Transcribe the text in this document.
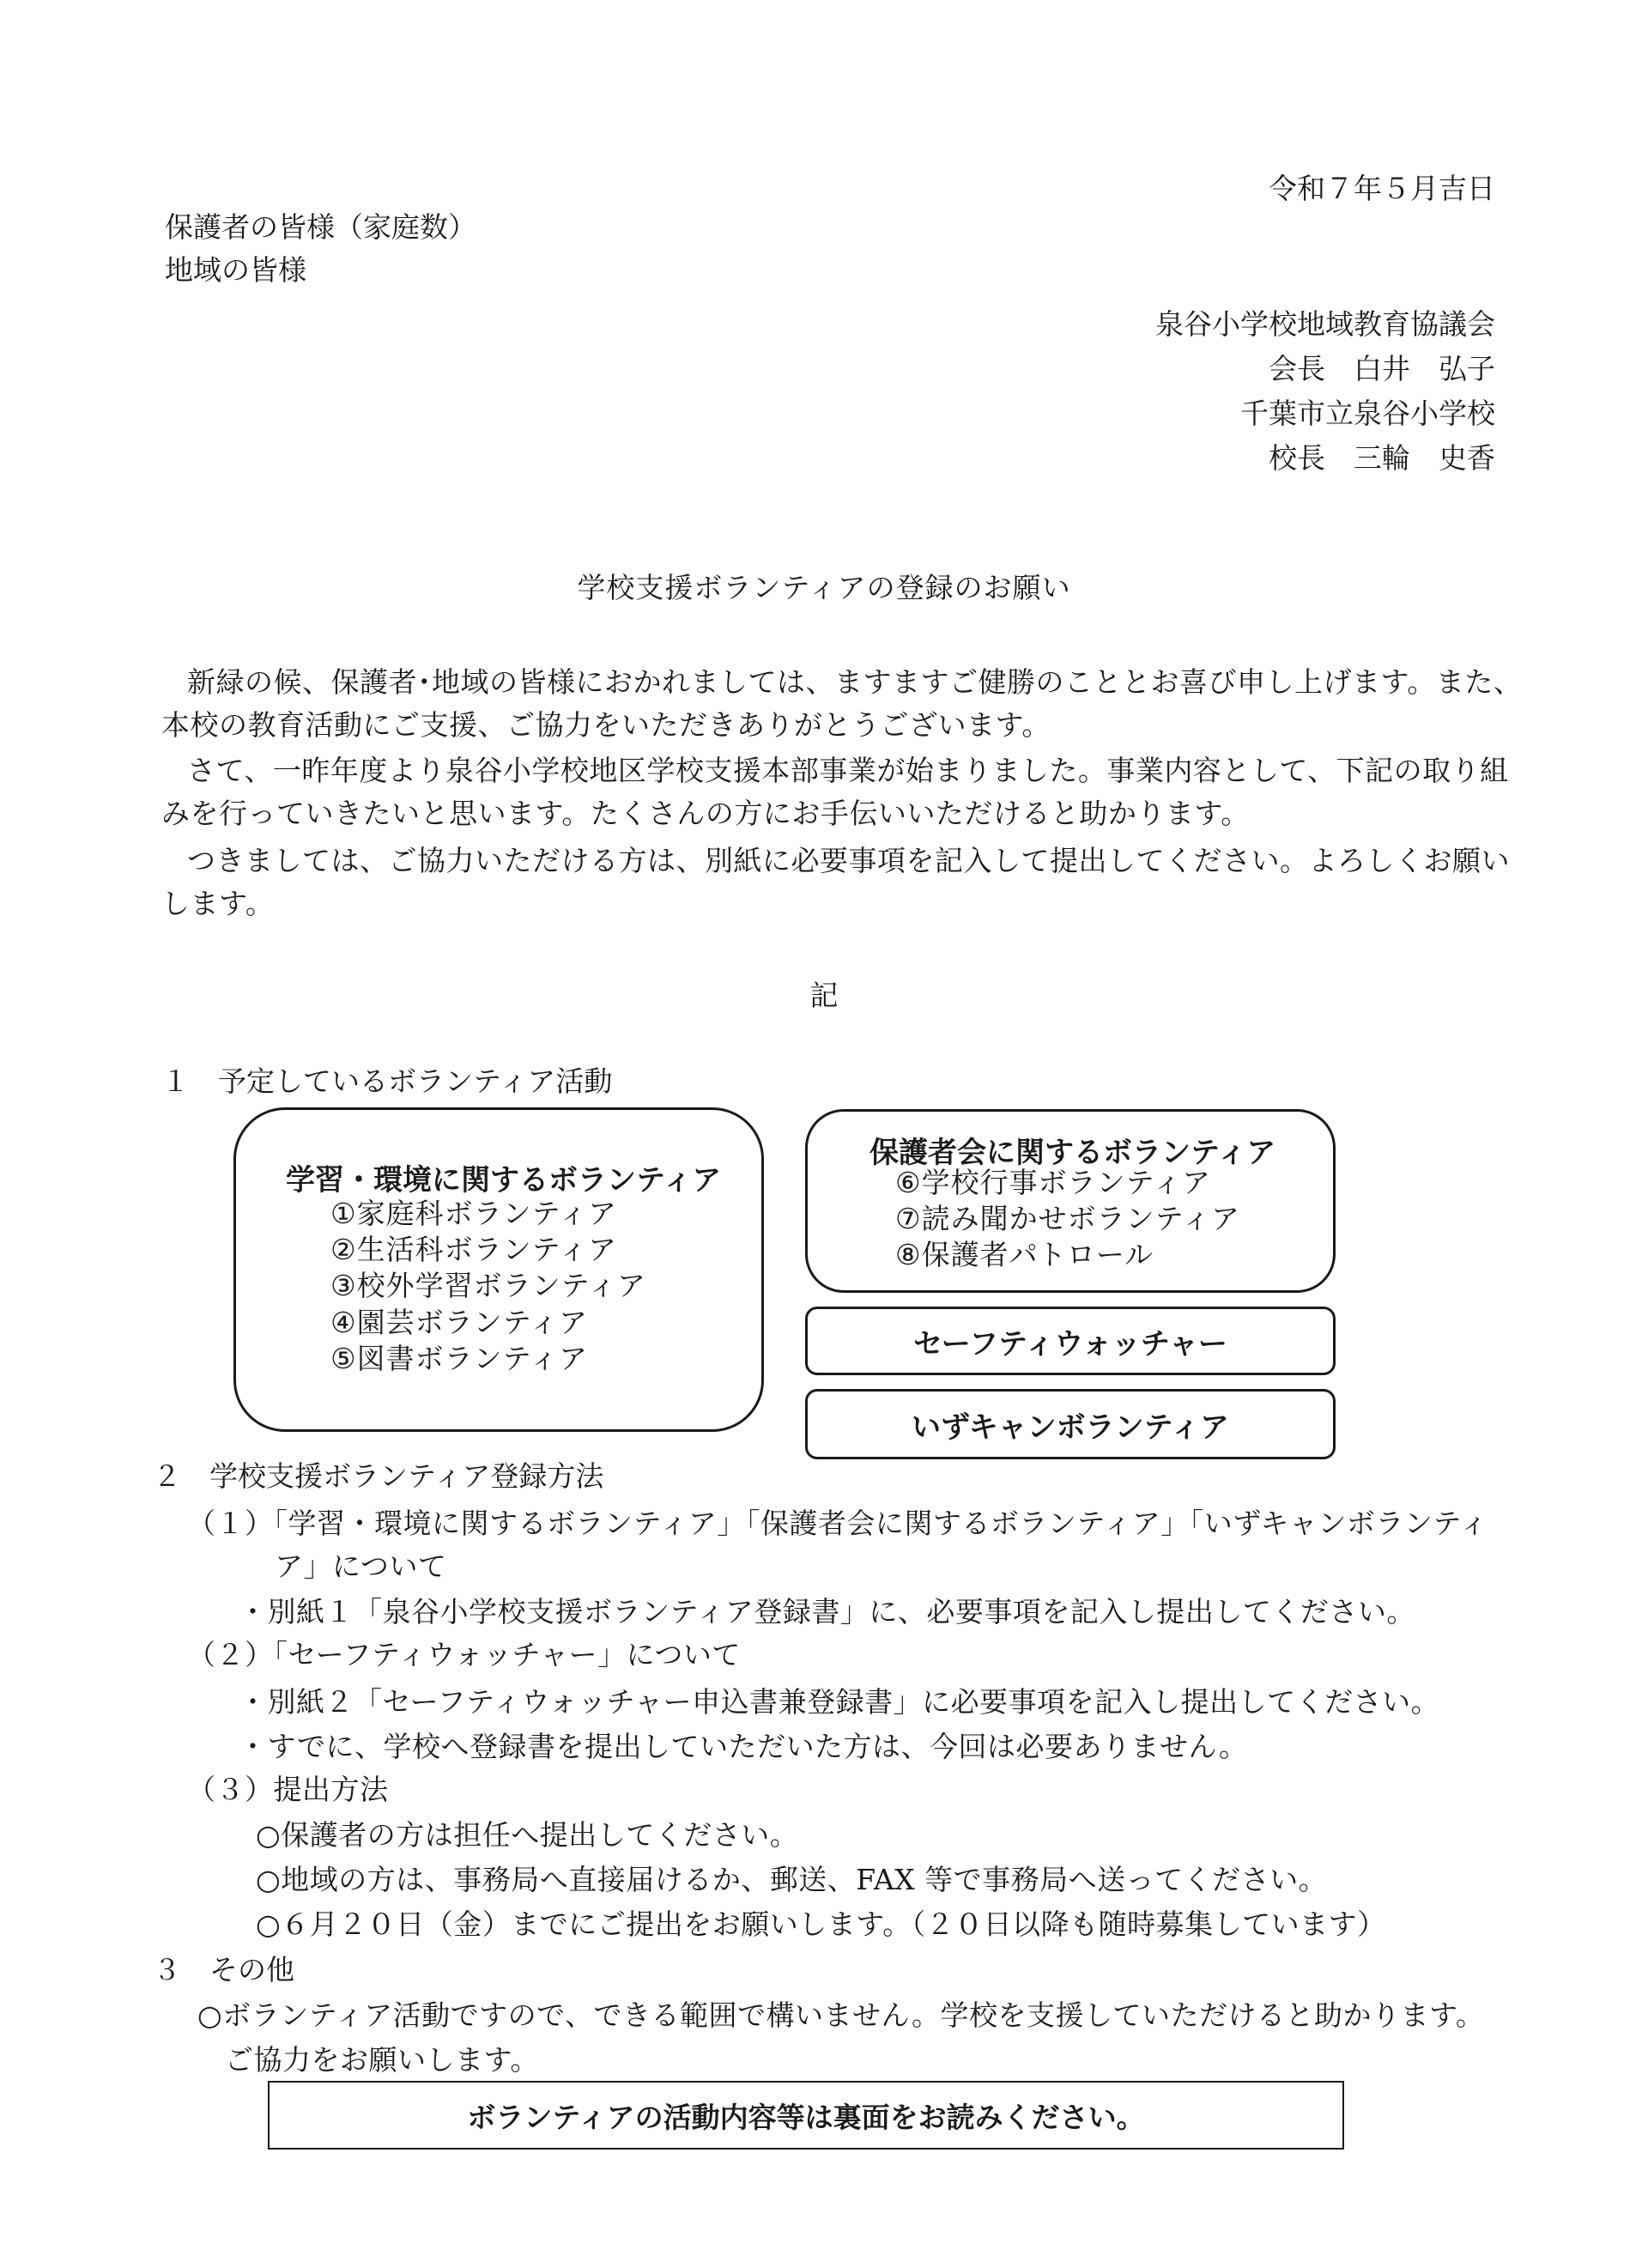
令和７年５月吉日
保護者の皆様（家庭数）
地域の皆様
泉谷小学校地域教育協議会
会長　白井　弘子
千葉市立泉谷小学校
校長　三輪　史香
学校支援ボランティアの登録のお願い
新緑の候、保護者･地域の皆様におかれましては、ますますご健勝のこととお喜び申し上げます。また、
本校の教育活動にご支援、ご協力をいただきありがとうございます。
さて、一昨年度より泉谷小学校地区学校支援本部事業が始まりました。事業内容として、下記の取り組
みを行っていきたいと思います。たくさんの方にお手伝いいただけると助かります。
つきましては、ご協力いただける方は、別紙に必要事項を記入して提出してください。よろしくお願い
します。
記
１　予定しているボランティア活動
学習・環境に関するボランティア
①家庭科ボランティア
②生活科ボランティア
③校外学習ボランティア
④園芸ボランティア
⑤図書ボランティア
保護者会に関するボランティア
⑥学校行事ボランティア
⑦読み聞かせボランティア
⑧保護者パトロール
セーフティウォッチャー
いずキャンボランティア
２　学校支援ボランティア登録方法
（１）「学習・環境に関するボランティア」「保護者会に関するボランティア」「いずキャンボランティ
ア」について
・別紙１「泉谷小学校支援ボランティア登録書」に、必要事項を記入し提出してください。
（２）「セーフティウォッチャー」について
・別紙２「セーフティウォッチャー申込書兼登録書」に必要事項を記入し提出してください。
・すでに、学校へ登録書を提出していただいた方は、今回は必要ありません。
（３）提出方法
○保護者の方は担任へ提出してください。
○地域の方は、事務局へ直接届けるか、郵送、FAX 等で事務局へ送ってください。
○６月２０日（金）までにご提出をお願いします。（２０日以降も随時募集しています）
３　その他
○ボランティア活動ですので、できる範囲で構いません。学校を支援していただけると助かります。
ご協力をお願いします。
ボランティアの活動内容等は裏面をお読みください。
